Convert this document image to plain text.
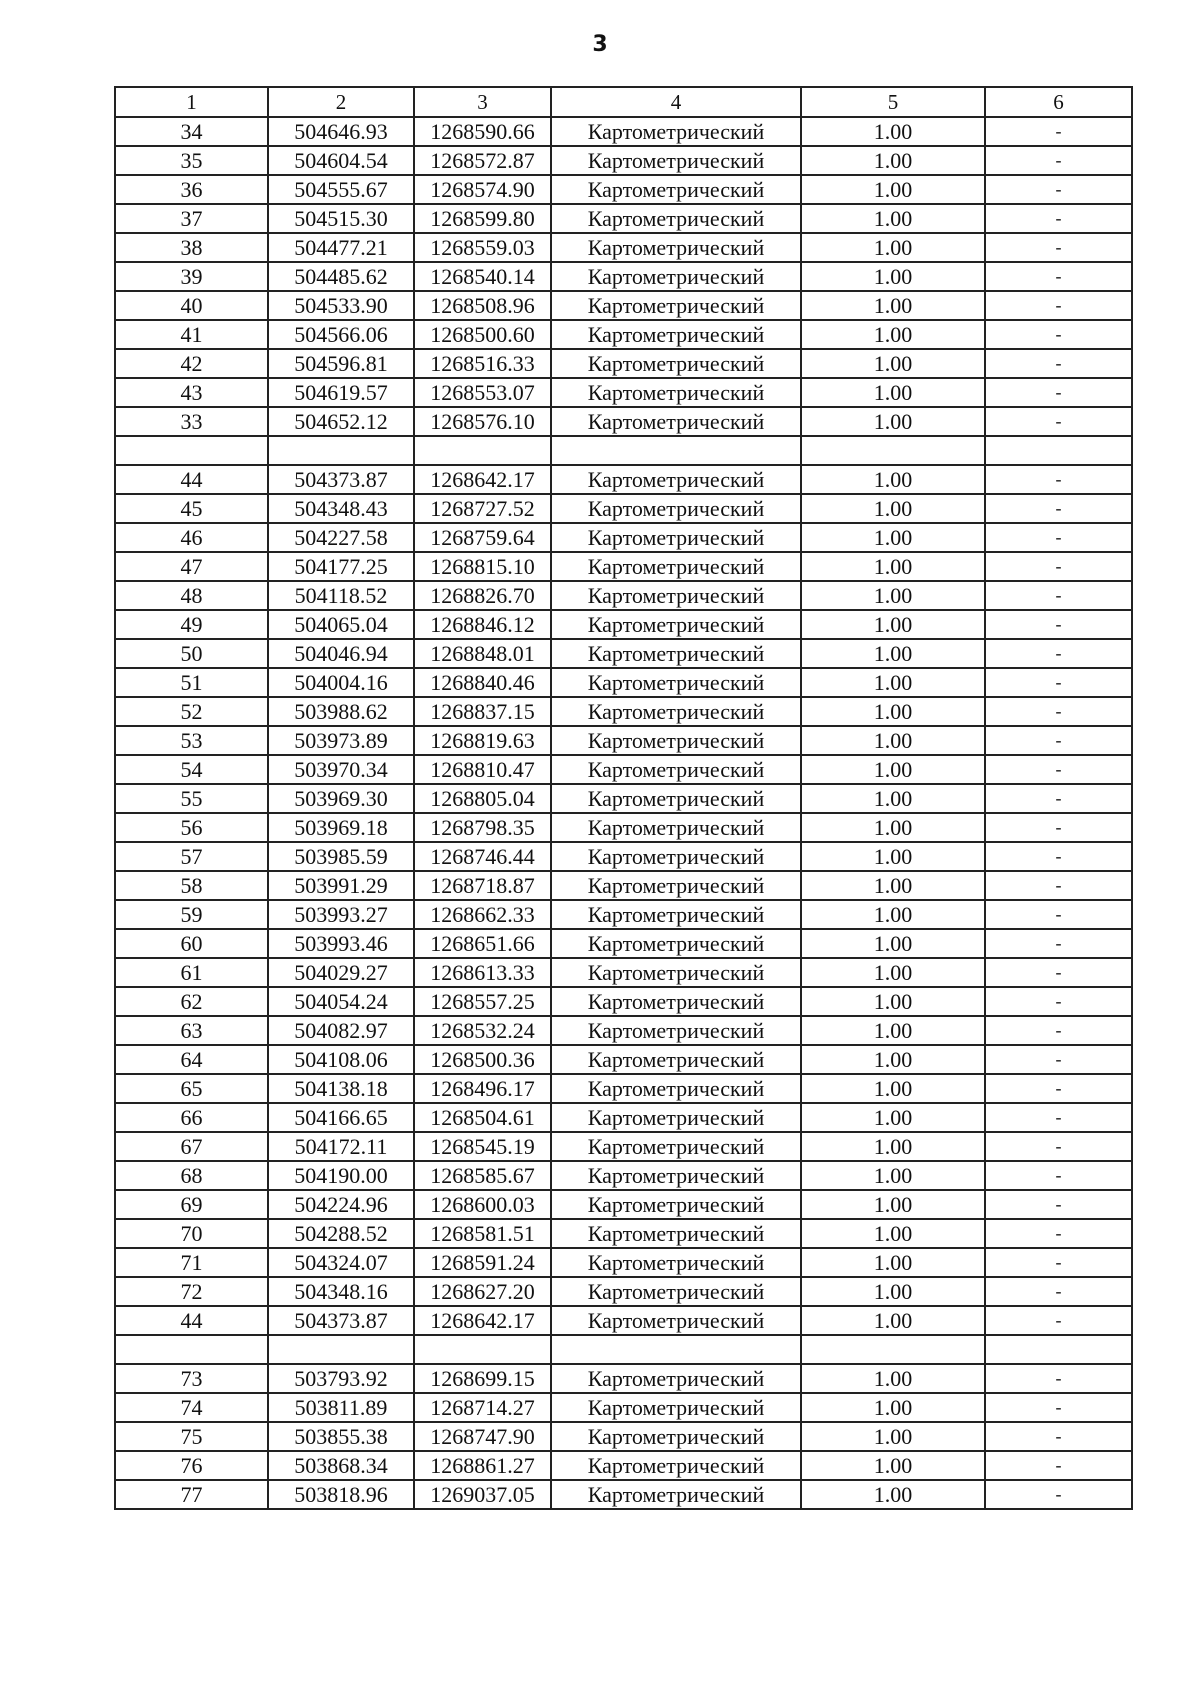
3
1	2	3	4	5	6
34	504646.93	1268590.66	Картометрический	1.00	-
35	504604.54	1268572.87	Картометрический	1.00	-
36	504555.67	1268574.90	Картометрический	1.00	-
37	504515.30	1268599.80	Картометрический	1.00	-
38	504477.21	1268559.03	Картометрический	1.00	-
39	504485.62	1268540.14	Картометрический	1.00	-
40	504533.90	1268508.96	Картометрический	1.00	-
41	504566.06	1268500.60	Картометрический	1.00	-
42	504596.81	1268516.33	Картометрический	1.00	-
43	504619.57	1268553.07	Картометрический	1.00	-
33	504652.12	1268576.10	Картометрический	1.00	-

44	504373.87	1268642.17	Картометрический	1.00	-
45	504348.43	1268727.52	Картометрический	1.00	-
46	504227.58	1268759.64	Картометрический	1.00	-
47	504177.25	1268815.10	Картометрический	1.00	-
48	504118.52	1268826.70	Картометрический	1.00	-
49	504065.04	1268846.12	Картометрический	1.00	-
50	504046.94	1268848.01	Картометрический	1.00	-
51	504004.16	1268840.46	Картометрический	1.00	-
52	503988.62	1268837.15	Картометрический	1.00	-
53	503973.89	1268819.63	Картометрический	1.00	-
54	503970.34	1268810.47	Картометрический	1.00	-
55	503969.30	1268805.04	Картометрический	1.00	-
56	503969.18	1268798.35	Картометрический	1.00	-
57	503985.59	1268746.44	Картометрический	1.00	-
58	503991.29	1268718.87	Картометрический	1.00	-
59	503993.27	1268662.33	Картометрический	1.00	-
60	503993.46	1268651.66	Картометрический	1.00	-
61	504029.27	1268613.33	Картометрический	1.00	-
62	504054.24	1268557.25	Картометрический	1.00	-
63	504082.97	1268532.24	Картометрический	1.00	-
64	504108.06	1268500.36	Картометрический	1.00	-
65	504138.18	1268496.17	Картометрический	1.00	-
66	504166.65	1268504.61	Картометрический	1.00	-
67	504172.11	1268545.19	Картометрический	1.00	-
68	504190.00	1268585.67	Картометрический	1.00	-
69	504224.96	1268600.03	Картометрический	1.00	-
70	504288.52	1268581.51	Картометрический	1.00	-
71	504324.07	1268591.24	Картометрический	1.00	-
72	504348.16	1268627.20	Картометрический	1.00	-
44	504373.87	1268642.17	Картометрический	1.00	-

73	503793.92	1268699.15	Картометрический	1.00	-
74	503811.89	1268714.27	Картометрический	1.00	-
75	503855.38	1268747.90	Картометрический	1.00	-
76	503868.34	1268861.27	Картометрический	1.00	-
77	503818.96	1269037.05	Картометрический	1.00	-
